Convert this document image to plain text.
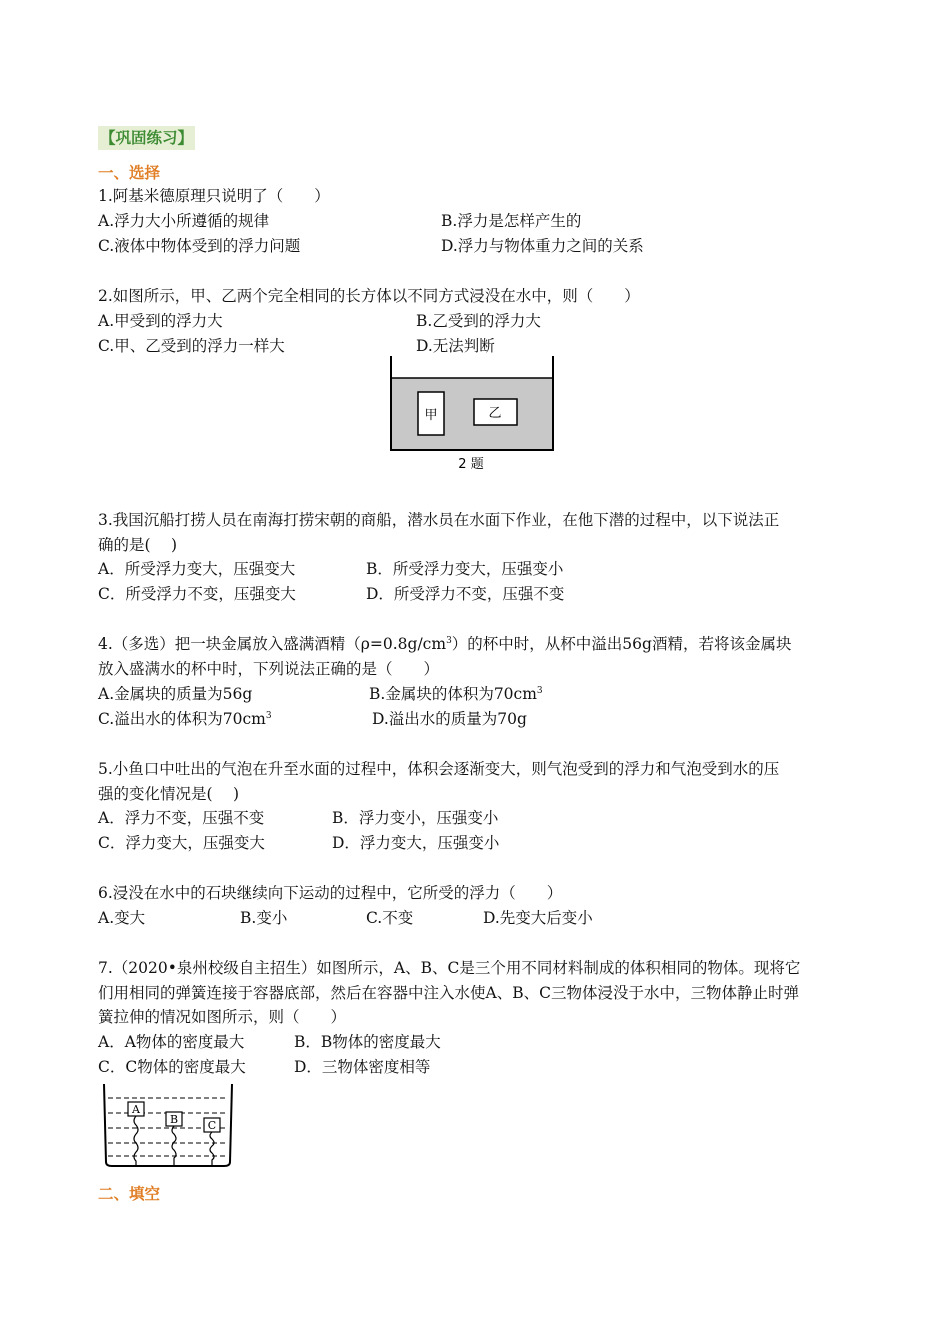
【巩固练习】
一、选择
1.阿基米德原理只说明了（　　）
A.浮力大小所遵循的规律	B.浮力是怎样产生的
C.液体中物体受到的浮力问题	D.浮力与物体重力之间的关系
2.如图所示，甲、乙两个完全相同的长方体以不同方式浸没在水中，则（　　）
A.甲受到的浮力大	B.乙受到的浮力大
C.甲、乙受到的浮力一样大	D.无法判断
甲	乙
2 题
3.我国沉船打捞人员在南海打捞宋朝的商船，潜水员在水面下作业，在他下潜的过程中，以下说法正
确的是(　 )
A．所受浮力变大，压强变大	B．所受浮力变大，压强变小
C．所受浮力不变，压强变大	D．所受浮力不变，压强不变
4.（多选）把一块金属放入盛满酒精$(\rho=0.8g/cm^3)$的杯中时，从杯中溢出56g酒精，若将该金属块
放入盛满水的杯中时，下列说法正确的是（　　）
A.金属块的质量为56g	B.金属块的体积为$70cm^3$
C.溢出水的体积为$70cm^3$	D.溢出水的质量为70g
5.小鱼口中吐出的气泡在升至水面的过程中，体积会逐渐变大，则气泡受到的浮力和气泡受到水的压
强的变化情况是(　 )
A．浮力不变，压强不变	B．浮力变小，压强变小
C．浮力变大，压强变大	D．浮力变大，压强变小
6.浸没在水中的石块继续向下运动的过程中，它所受的浮力（　　）
A.变大	B.变小	C.不变	D.先变大后变小
7.（2020•泉州校级自主招生）如图所示，A、B、C是三个用不同材料制成的体积相同的物体。现将它
们用相同的弹簧连接于容器底部，然后在容器中注入水使A、B、C三物体浸没于水中，三物体静止时弹
簧拉伸的情况如图所示，则（　　）
A．A物体的密度最大	B．B物体的密度最大
C．C物体的密度最大	D．三物体密度相等
A
B	C
二、填空
